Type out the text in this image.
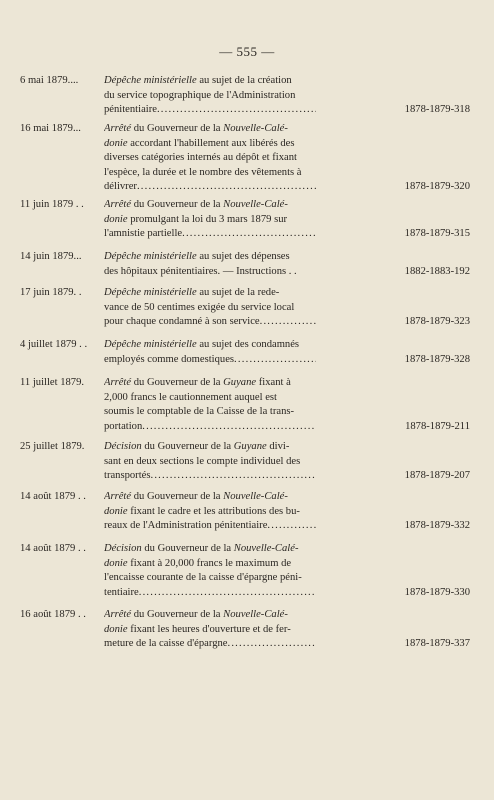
— 555 —
6 mai 1879....	Dépêche ministérielle au sujet de la création
du service topographique de l'Administration
pénitentiaire .....	1878-1879-318
16 mai 1879...	Arrêté du Gouverneur de la Nouvelle-Calé-
donie accordant l'habillement aux libérés des
diverses catégories internés au dépôt et fixant
l'espèce, la durée et le nombre des vêtements à
délivrer .....	1878-1879-320
11 juin 1879 . .	Arrêté du Gouverneur de la Nouvelle-Calé-
donie promulgant la loi du 3 mars 1879 sur
l'amnistie partielle .....	1878-1879-315
14 juin 1879...	Dépêche ministérielle au sujet des dépenses
des hôpitaux pénitentiaires. — Instructions . .	1882-1883-192
17 juin 1879. .	Dépêche ministérielle au sujet de la rede-
vance de 50 centimes exigée du service local
pour chaque condamné à son service .....	1878-1879-323
4 juillet 1879 . .	Dépêche ministérielle au sujet des condamnés
employés comme domestiques .....	1878-1879-328
11 juillet 1879.	Arrêté du Gouverneur de la Guyane fixant à
2,000 francs le cautionnement auquel est
soumis le comptable de la Caisse de la trans-
portation .....	1878-1879-211
25 juillet 1879.	Décision du Gouverneur de la Guyane divi-
sant en deux sections le compte individuel des
transportés .....	1878-1879-207
14 août 1879 . .	Arrêté du Gouverneur de la Nouvelle-Calé-
donie fixant le cadre et les attributions des bu-
reaux de l'Administration pénitentiaire .....	1878-1879-332
14 août 1879 . .	Décision du Gouverneur de la Nouvelle-Calé-
donie fixant à 20,000 francs le maximum de
l'encaisse courante de la caisse d'épargne péni-
tentiaire .....	1878-1879-330
16 août 1879 . .	Arrêté du Gouverneur de la Nouvelle-Calé-
donie fixant les heures d'ouverture et de fer-
meture de la caisse d'épargne .....	1878-1879-337
